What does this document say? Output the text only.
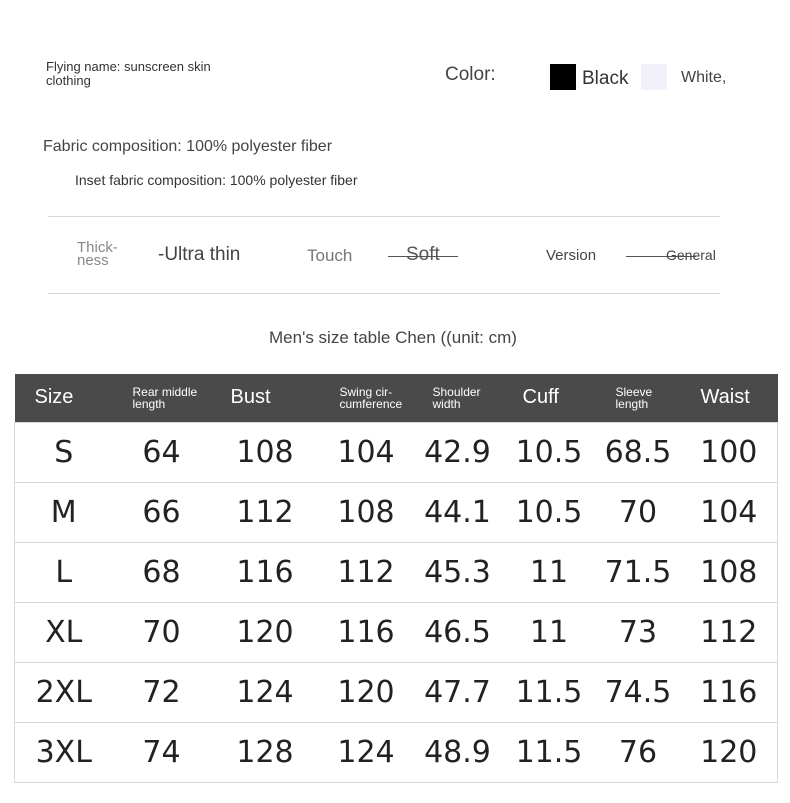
Flying name: sunscreen skin clothing	Color:	Black	White,
Fabric composition: 100% polyester fiber
Inset fabric composition: 100% polyester fiber
Thick-ness	-Ultra thin	Touch	Soft	Version	General
Men's size table Chen ((unit: cm)
Size	Rear middle length	Bust	Swing cir-cumference	Shoulder width	Cuff	Sleeve length	Waist
S	64	108	104	42.9	10.5	68.5	100
M	66	112	108	44.1	10.5	70	104
L	68	116	112	45.3	11	71.5	108
XL	70	120	116	46.5	11	73	112
2XL	72	124	120	47.7	11.5	74.5	116
3XL	74	128	124	48.9	11.5	76	120
